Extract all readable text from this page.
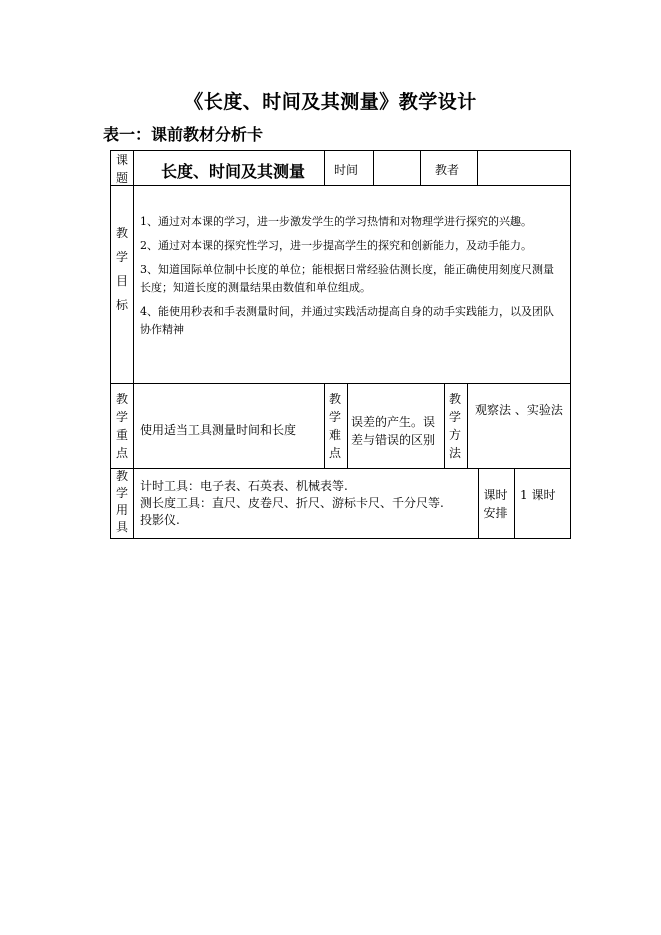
《长度、时间及其测量》教学设计
表一：课前教材分析卡
课
题	长度、时间及其测量 时间	教者
教
学
目
标
1、通过对本课的学习，进一步激发学生的学习热情和对物理学进行探究的兴趣。
2、通过对本课的探究性学习，进一步提高学生的探究和创新能力，及动手能力。
3、知道国际单位制中长度的单位；能根据日常经验估测长度，能正确使用刻度尺测量长度；知道长度的测量结果由数值和单位组成。
4、能使用秒表和手表测量时间，并通过实践活动提高自身的动手实践能力，以及团队协作精神
教
学
重
点
使用适当工具测量时间和长度
教
学
难
点
误差的产生。误差与错误的区别
教
学
方
法
观察法 、实验法
教
学
用
具
计时工具：电子表、石英表、机械表等.
测长度工具：直尺、皮卷尺、折尺、游标卡尺、千分尺等.
投影仪.
课时
安排
1 课时
